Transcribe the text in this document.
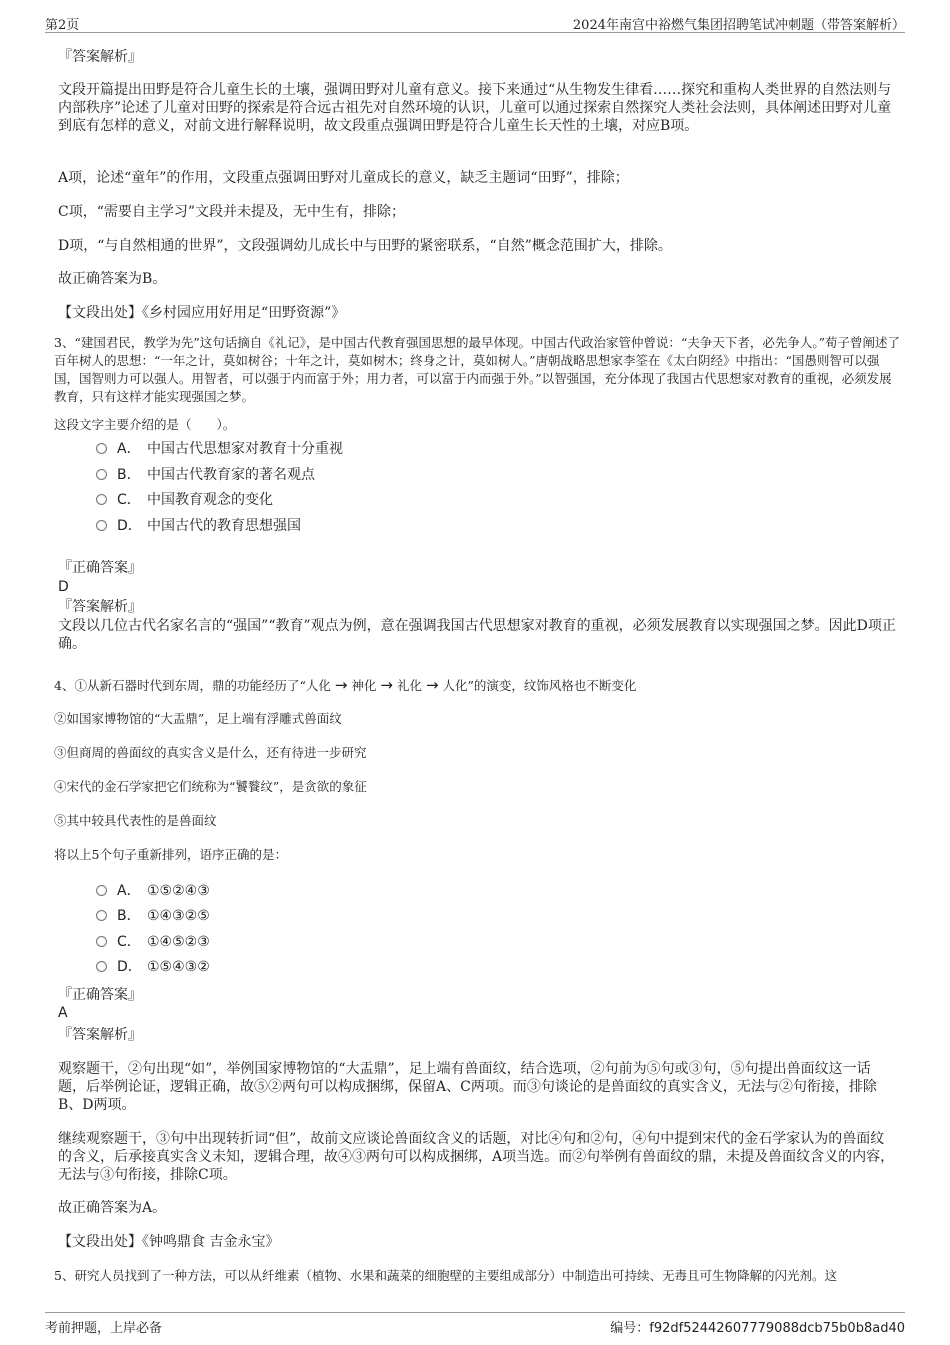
第2页	2024年南宫中裕燃气集团招聘笔试冲刺题（带答案解析）
『答案解析』
文段开篇提出田野是符合儿童生长的土壤，强调田野对儿童有意义。接下来通过“从生物发生律看……探究和重构人类世界的自然法则与内部秩序”论述了儿童对田野的探索是符合远古祖先对自然环境的认识，儿童可以通过探索自然探究人类社会法则，具体阐述田野对儿童到底有怎样的意义，对前文进行解释说明，故文段重点强调田野是符合儿童生长天性的土壤，对应B项。
A项，论述“童年”的作用，文段重点强调田野对儿童成长的意义，缺乏主题词“田野”，排除；
C项，“需要自主学习”文段并未提及，无中生有，排除；
D项，“与自然相通的世界”，文段强调幼儿成长中与田野的紧密联系，“自然”概念范围扩大，排除。
故正确答案为B。
【文段出处】《乡村园应用好用足“田野资源”》
3、“建国君民，教学为先”这句话摘自《礼记》，是中国古代教育强国思想的最早体现。中国古代政治家管仲曾说：“夫争天下者，必先争人。”荀子曾阐述了百年树人的思想：“一年之计，莫如树谷；十年之计，莫如树木；终身之计，莫如树人。”唐朝战略思想家李筌在《太白阴经》中指出：“国愚则智可以强国，国智则力可以强人。用智者，可以强于内而富于外；用力者，可以富于内而强于外。”以智强国，充分体现了我国古代思想家对教育的重视，必须发展教育，只有这样才能实现强国之梦。
这段文字主要介绍的是（　　）。
A． 中国古代思想家对教育十分重视
B． 中国古代教育家的著名观点
C． 中国教育观念的变化
D． 中国古代的教育思想强国
『正确答案』
D
『答案解析』
文段以几位古代名家名言的“强国”“教育”观点为例，意在强调我国古代思想家对教育的重视，必须发展教育以实现强国之梦。因此D项正确。
4、①从新石器时代到东周，鼎的功能经历了“人化 → 神化 → 礼化 → 人化”的演变，纹饰风格也不断变化
②如国家博物馆的“大盂鼎”，足上端有浮雕式兽面纹
③但商周的兽面纹的真实含义是什么，还有待进一步研究
④宋代的金石学家把它们统称为“饕餮纹”，是贪欲的象征
⑤其中较具代表性的是兽面纹
将以上5个句子重新排列，语序正确的是：
A． ①⑤②④③
B． ①④③②⑤
C． ①④⑤②③
D． ①⑤④③②
『正确答案』
A
『答案解析』
观察题干，②句出现“如”，举例国家博物馆的“大盂鼎”，足上端有兽面纹，结合选项，②句前为⑤句或③句，⑤句提出兽面纹这一话题，后举例论证，逻辑正确，故⑤②两句可以构成捆绑，保留A、C两项。而③句谈论的是兽面纹的真实含义，无法与②句衔接，排除B、D两项。
继续观察题干，③句中出现转折词“但”，故前文应谈论兽面纹含义的话题，对比④句和②句，④句中提到宋代的金石学家认为的兽面纹的含义，后承接真实含义未知，逻辑合理，故④③两句可以构成捆绑，A项当选。而②句举例有兽面纹的鼎，未提及兽面纹含义的内容，无法与③句衔接，排除C项。
故正确答案为A。
【文段出处】《钟鸣鼎食 吉金永宝》
5、研究人员找到了一种方法，可以从纤维素（植物、水果和蔬菜的细胞壁的主要组成部分）中制造出可持续、无毒且可生物降解的闪光剂。这
考前押题，上岸必备	编号：f92df52442607779088dcb75b0b8ad40
